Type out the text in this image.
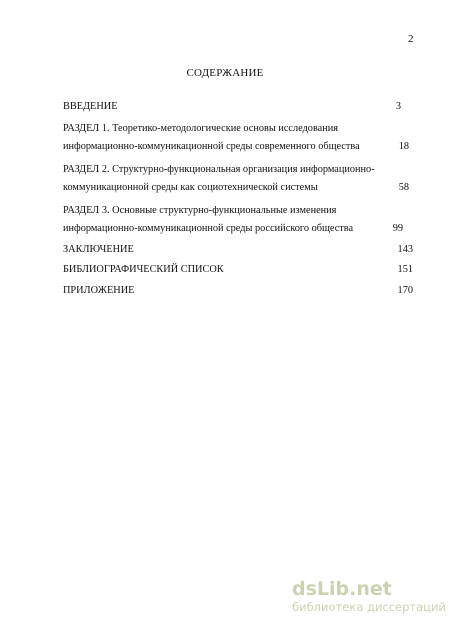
2
СОДЕРЖАНИЕ
ВВЕДЕНИЕ	3
РАЗДЕЛ 1. Теоретико-методологические основы исследования
информационно-коммуникационной среды современного общества	18
РАЗДЕЛ 2. Структурно-функциональная организация информационно-
коммуникационной среды как социотехнической системы	58
РАЗДЕЛ 3. Основные структурно-функциональные изменения
информационно-коммуникационной среды российского общества	99
ЗАКЛЮЧЕНИЕ	143
БИБЛИОГРАФИЧЕСКИЙ СПИСОК	151
ПРИЛОЖЕНИЕ	170
dsLib.net
библиотека диссертаций
